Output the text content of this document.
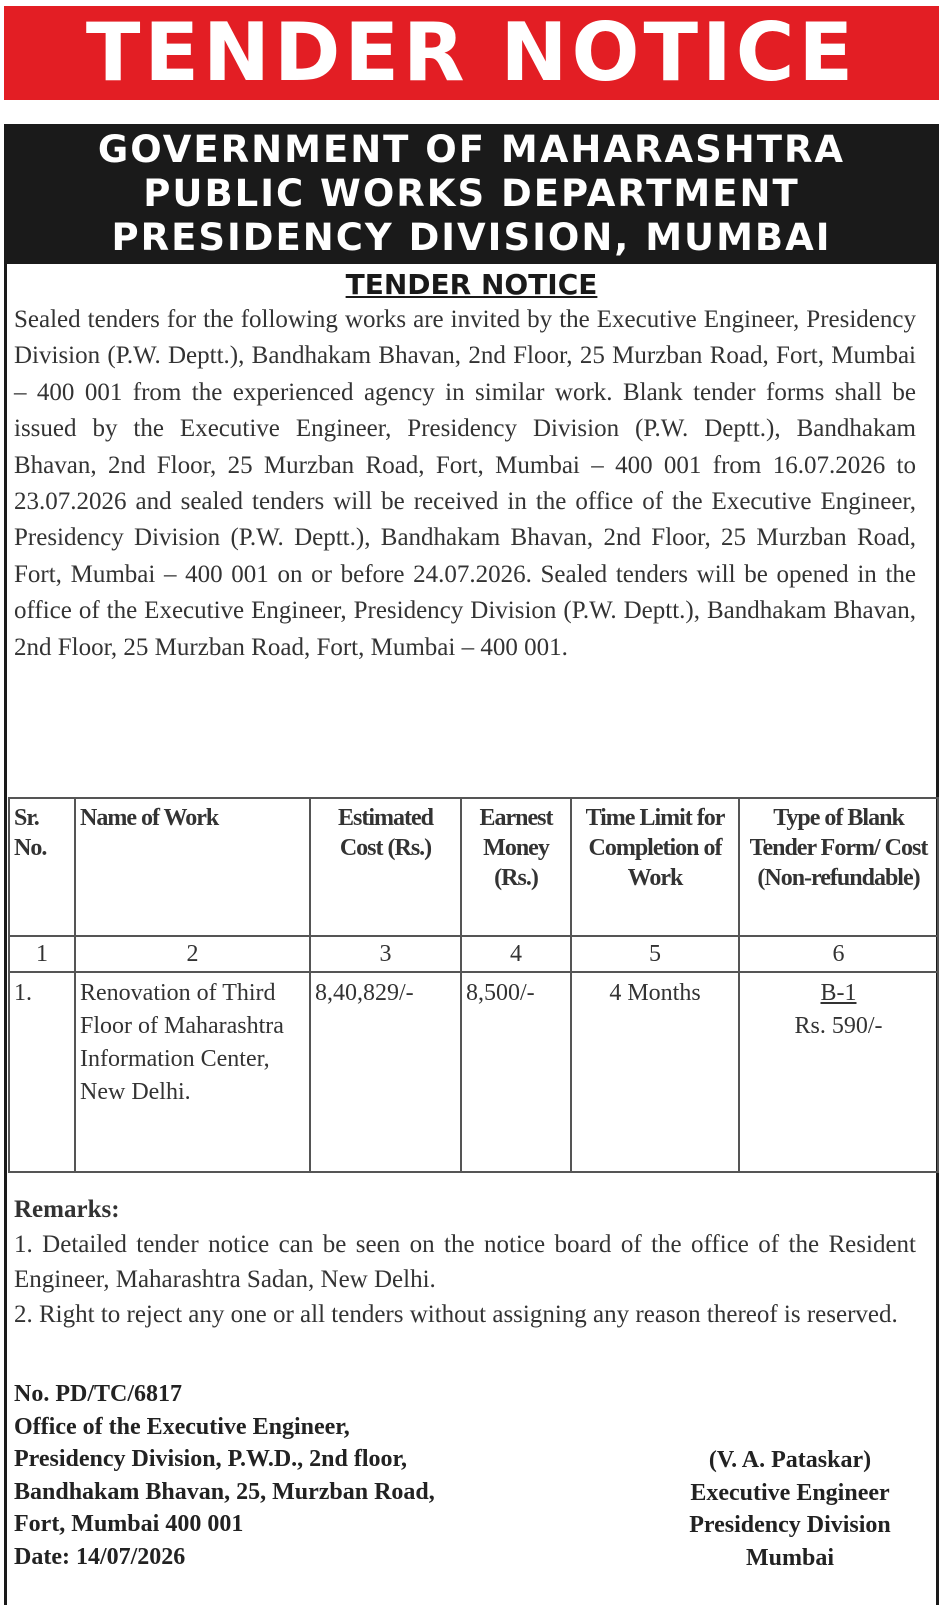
TENDER NOTICE
GOVERNMENT OF MAHARASHTRA
PUBLIC WORKS DEPARTMENT
PRESIDENCY DIVISION, MUMBAI
TENDER NOTICE
Sealed tenders for the following works are invited by the Executive Engineer, Presidency Division (P.W. Deptt.), Bandhakam Bhavan, 2nd Floor, 25 Murzban Road, Fort, Mumbai – 400 001 from the experienced agency in similar work. Blank tender forms shall be issued by the Executive Engineer, Presidency Division (P.W. Deptt.), Bandhakam Bhavan, 2nd Floor, 25 Murzban Road, Fort, Mumbai – 400 001 from 16.07.2026 to 23.07.2026 and sealed tenders will be received in the office of the Executive Engineer, Presidency Division (P.W. Deptt.), Bandhakam Bhavan, 2nd Floor, 25 Murzban Road, Fort, Mumbai – 400 001 on or before 24.07.2026. Sealed tenders will be opened in the office of the Executive Engineer, Presidency Division (P.W. Deptt.), Bandhakam Bhavan, 2nd Floor, 25 Murzban Road, Fort, Mumbai – 400 001.
Sr. No.	Name of Work	Estimated Cost (Rs.)	Earnest Money (Rs.)	Time Limit for Completion of Work	Type of Blank Tender Form/ Cost (Non-refundable)
1	2	3	4	5	6
1.	Renovation of Third Floor of Maharashtra Information Center, New Delhi.	8,40,829/-	8,500/-	4 Months	B-1
Rs. 590/-
Remarks:

1. Detailed tender notice can be seen on the notice board of the office of the Resident Engineer, Maharashtra Sadan, New Delhi.

2. Right to reject any one or all tenders without assigning any reason thereof is reserved.

No. PD/TC/6817
Office of the Executive Engineer,
Presidency Division, P.W.D., 2nd floor,
Bandhakam Bhavan, 25, Murzban Road,
Fort, Mumbai 400 001
Date: 14/07/2026
(V. A. Pataskar)
Executive Engineer
Presidency Division
Mumbai
